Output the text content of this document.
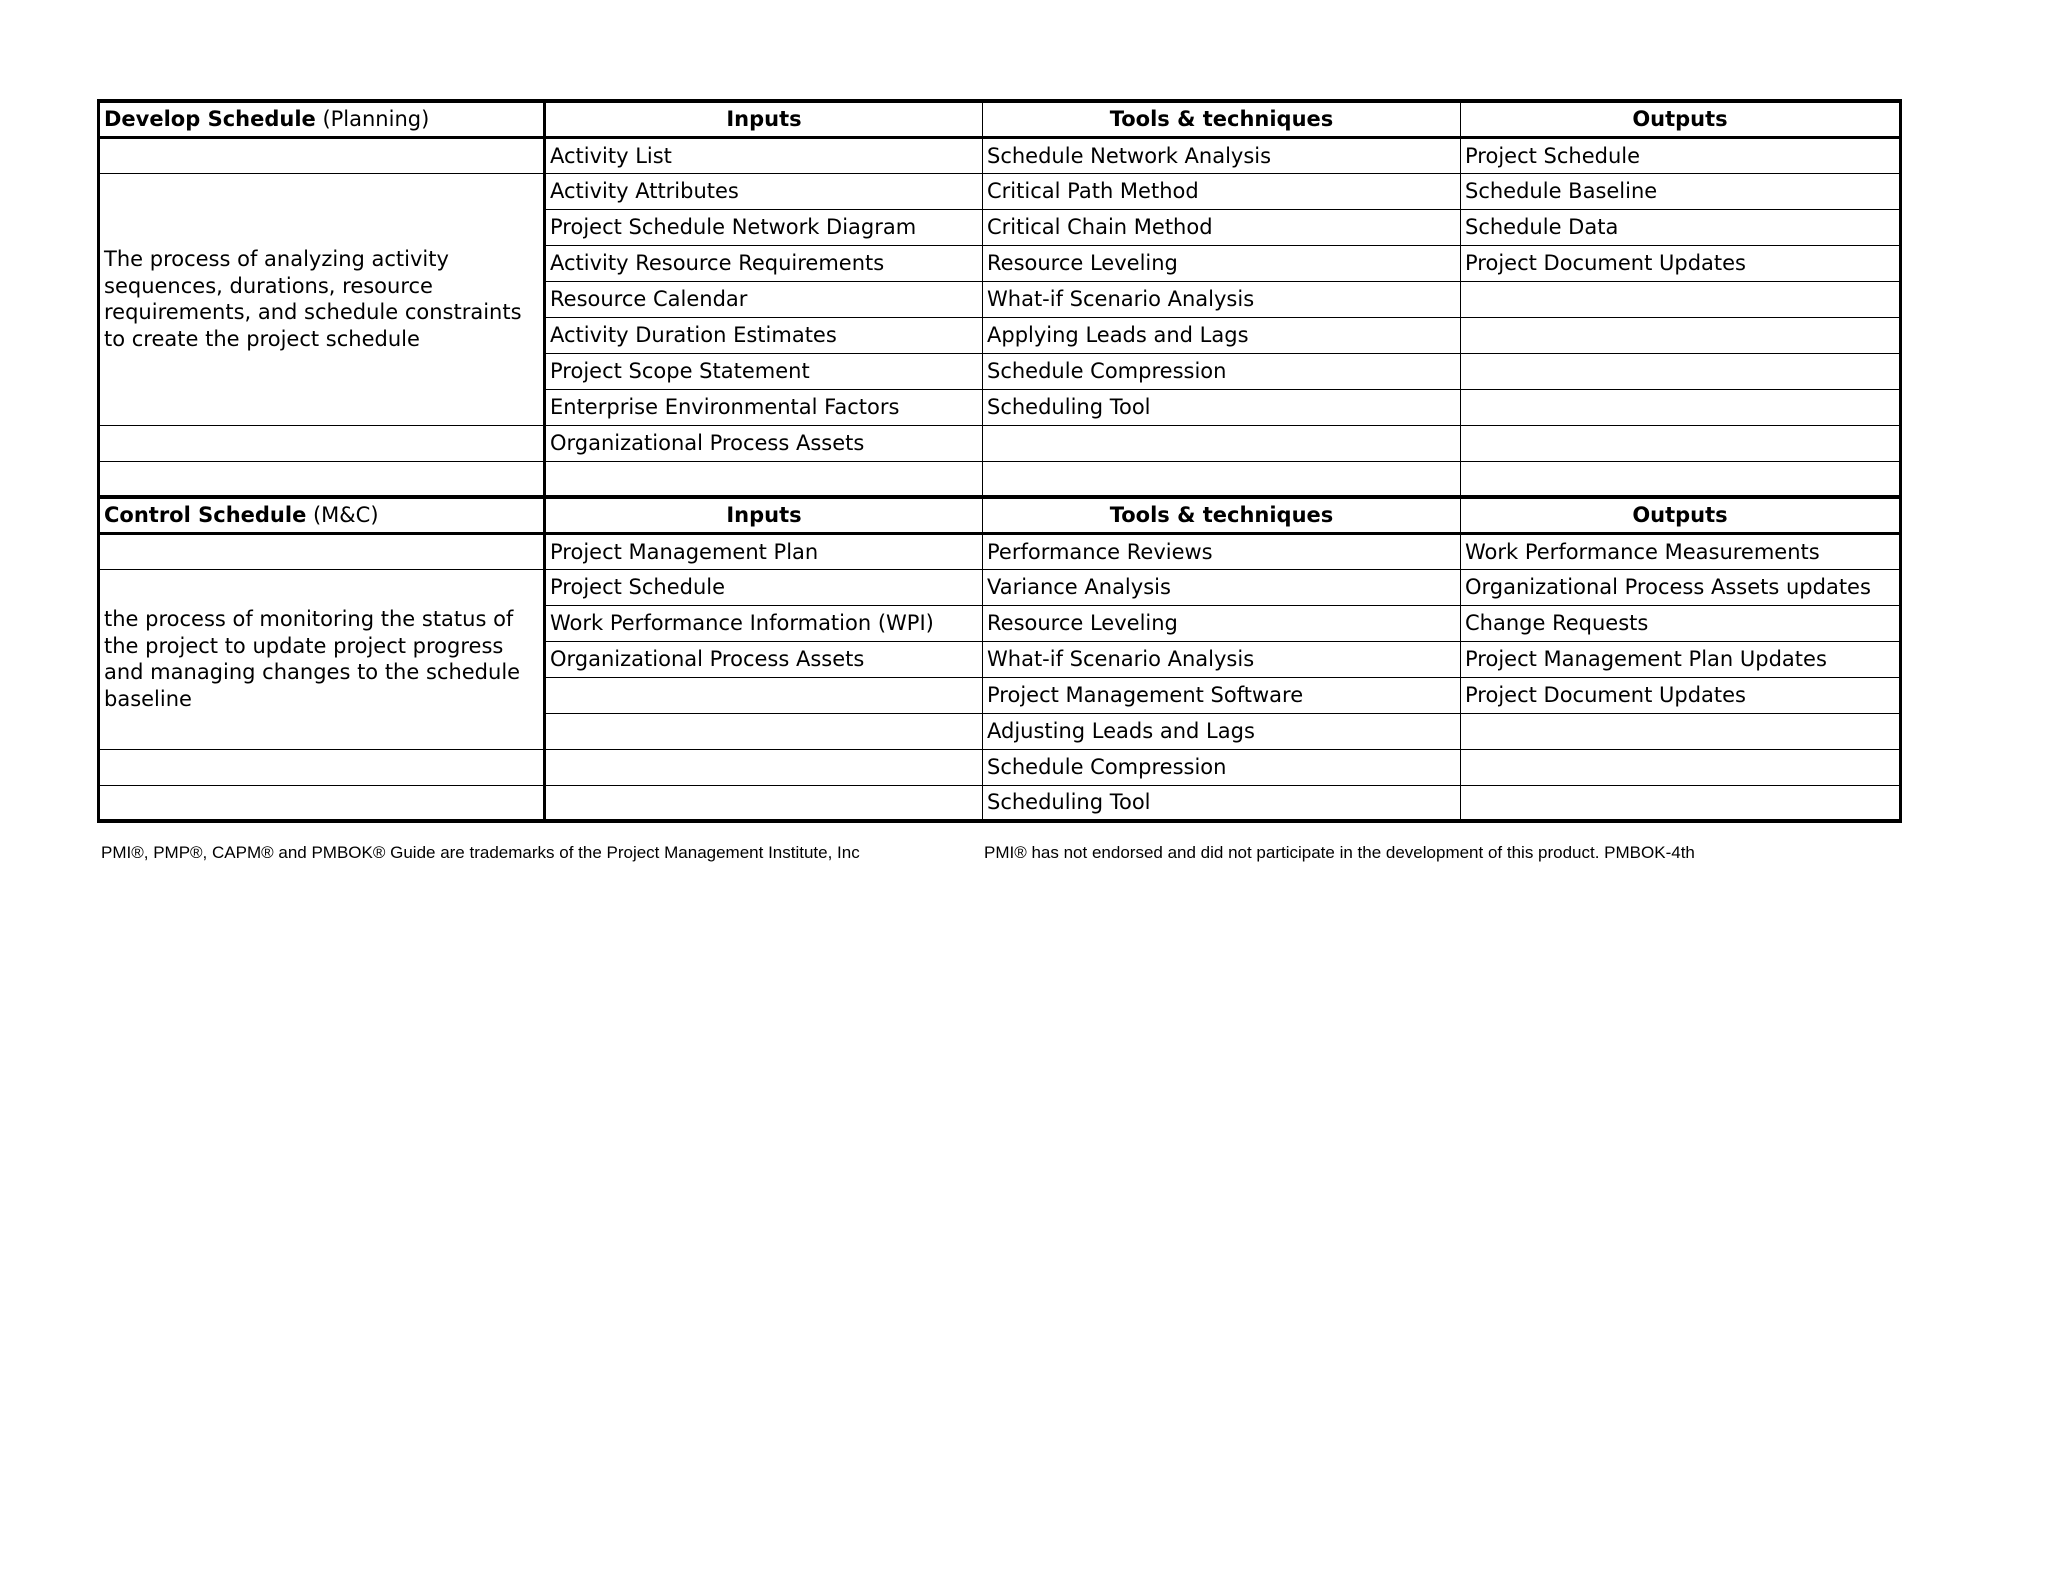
Develop Schedule (Planning)	Inputs	Tools & techniques	Outputs
	Activity List	Schedule Network Analysis	Project Schedule
The process of analyzing activity sequences, durations, resource requirements, and schedule constraints to create the project schedule	Activity Attributes	Critical Path Method	Schedule Baseline
	Project Schedule Network Diagram	Critical Chain Method	Schedule Data
	Activity Resource Requirements	Resource Leveling	Project Document Updates
	Resource Calendar	What-if Scenario Analysis	
	Activity Duration Estimates	Applying Leads and Lags	
	Project Scope Statement	Schedule Compression	
	Enterprise Environmental Factors	Scheduling Tool	
	Organizational Process Assets		

Control Schedule (M&C)	Inputs	Tools & techniques	Outputs
	Project Management Plan	Performance Reviews	Work Performance Measurements
the process of monitoring the status of the project to update project progress and managing changes to the schedule baseline	Project Schedule	Variance Analysis	Organizational Process Assets updates
	Work Performance Information (WPI)	Resource Leveling	Change Requests
	Organizational Process Assets	What-if Scenario Analysis	Project Management Plan Updates
		Project Management Software	Project Document Updates
		Adjusting Leads and Lags	
		Schedule Compression	
		Scheduling Tool	
PMI®, PMP®, CAPM® and PMBOK® Guide are trademarks of the Project Management Institute, Inc	PMI® has not endorsed and did not participate in the development of this product. PMBOK-4th
